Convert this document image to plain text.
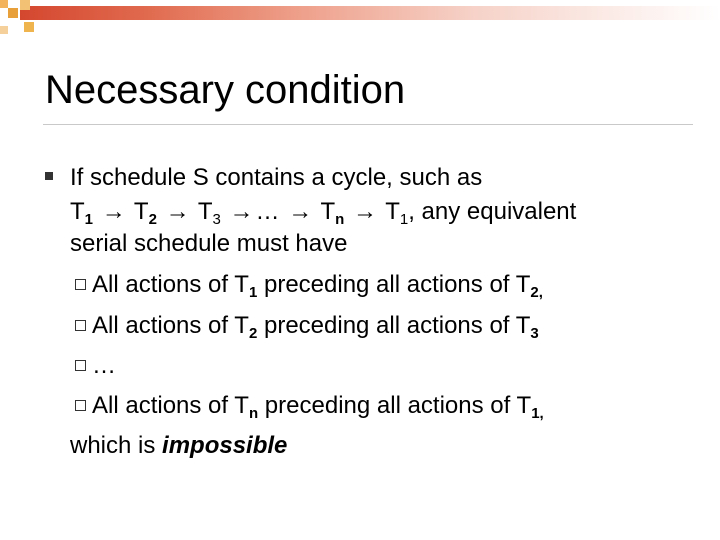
Necessary condition
If schedule S contains a cycle, such as
$T_1 \to T_2 \to T_3$ →… → $T_n \to T_1$, any equivalent
serial schedule must have
All actions of $T_1$ preceding all actions of $T_{2,}$
All actions of $T_2$ preceding all actions of $T_3$
…
All actions of $T_n$ preceding all actions of $T_{1,}$
which is impossible
